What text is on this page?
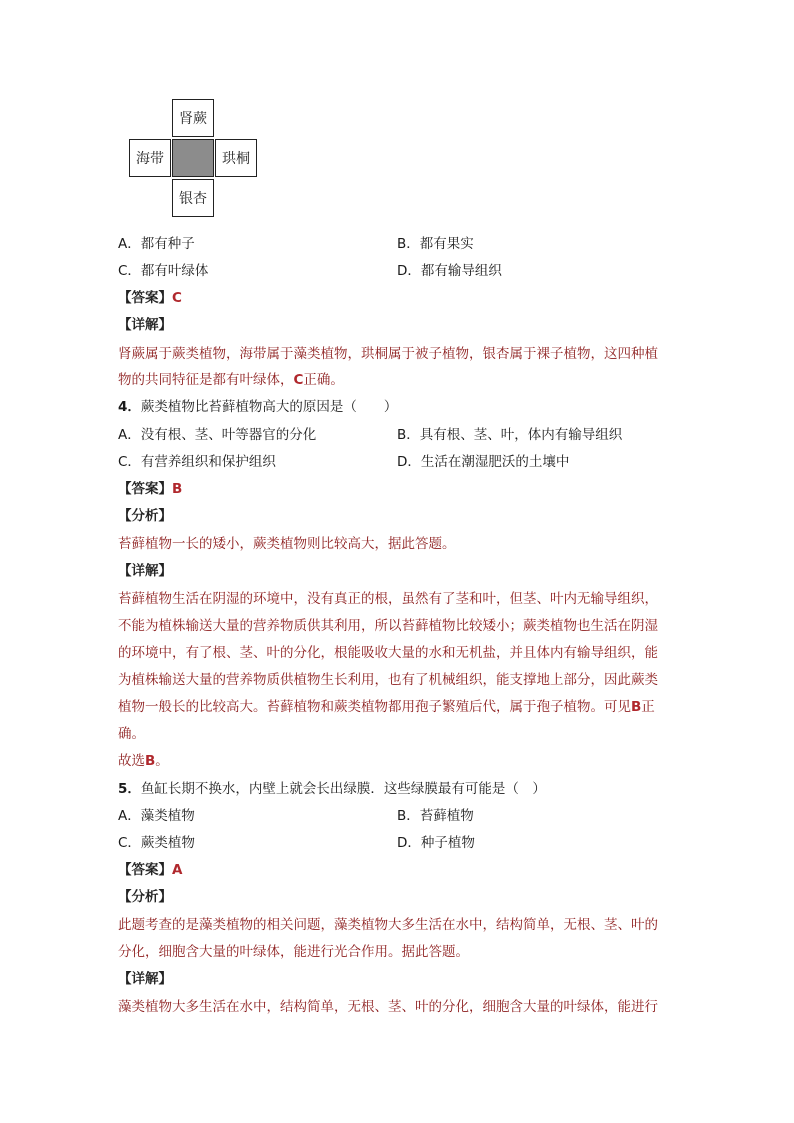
肾蕨
海带	珙桐
银杏
A．都有种子	B．都有果实
C．都有叶绿体	D．都有输导组织
【答案】C
【详解】
肾蕨属于蕨类植物，海带属于藻类植物，珙桐属于被子植物，银杏属于裸子植物，这四种植
物的共同特征是都有叶绿体，C正确。
4．蕨类植物比苔藓植物高大的原因是（　　）
A．没有根、茎、叶等器官的分化	B．具有根、茎、叶，体内有输导组织
C．有营养组织和保护组织	D．生活在潮湿肥沃的土壤中
【答案】B
【分析】
苔藓植物一长的矮小，蕨类植物则比较高大，据此答题。
【详解】
苔藓植物生活在阴湿的环境中，没有真正的根，虽然有了茎和叶，但茎、叶内无输导组织，
不能为植株输送大量的营养物质供其利用，所以苔藓植物比较矮小；蕨类植物也生活在阴湿
的环境中，有了根、茎、叶的分化，根能吸收大量的水和无机盐，并且体内有输导组织，能
为植株输送大量的营养物质供植物生长利用，也有了机械组织，能支撑地上部分，因此蕨类
植物一般长的比较高大。苔藓植物和蕨类植物都用孢子繁殖后代，属于孢子植物。可见B正
确。
故选B。
5．鱼缸长期不换水，内壁上就会长出绿膜．这些绿膜最有可能是（　）
A．藻类植物	B．苔藓植物
C．蕨类植物	D．种子植物
【答案】A
【分析】
此题考查的是藻类植物的相关问题，藻类植物大多生活在水中，结构简单，无根、茎、叶的
分化，细胞含大量的叶绿体，能进行光合作用。据此答题。
【详解】
藻类植物大多生活在水中，结构简单，无根、茎、叶的分化，细胞含大量的叶绿体，能进行
